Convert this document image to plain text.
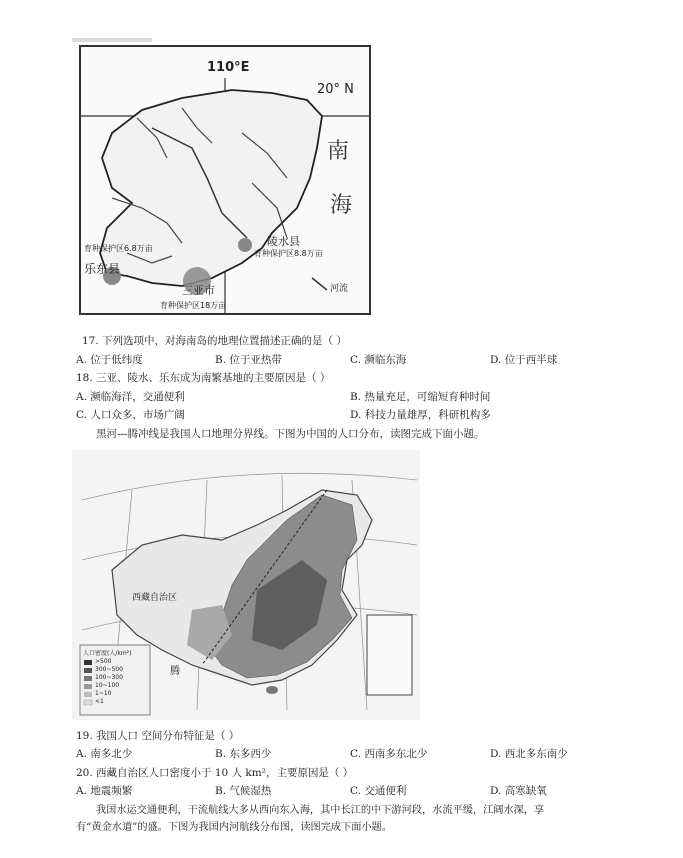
110°E
20° N
南
海
陵水县
育种保护区8.8万亩
育种保护区6.8万亩
乐东县
三亚市
育种保护区18万亩
河流
17. 下列选项中，对海南岛的地理位置描述正确的是（ ）
A. 位于低纬度	B. 位于亚热带	C. 濒临东海	D. 位于西半球
18. 三亚、陵水、乐东成为南繁基地的主要原因是（ ）
A. 濒临海洋，交通便利	B. 热量充足，可缩短育种时间
C. 人口众多，市场广阔	D. 科技力量雄厚，科研机构多
黑河—腾冲线是我国人口地理分界线。下图为中国的人口分布，读图完成下面小题。
西藏自治区
腾
人口密度(人/km²)
>500
300~500
100~300
10~100
1~10
<1
19. 我国人口 空间分布特征是（ ）
A. 南多北少	B. 东多西少	C. 西南多东北少	D. 西北多东南少
20. 西藏自治区人口密度小于 10 人 km²，主要原因是（ ）
A. 地震频繁	B. 气候湿热	C. 交通便利	D. 高寒缺氧
我国水运交通便利，干流航线大多从西向东入海，其中长江的中下游河段，水流平缓，江阔水深，享
有“黄金水道”的盛。下图为我国内河航线分布图，读图完成下面小题。
